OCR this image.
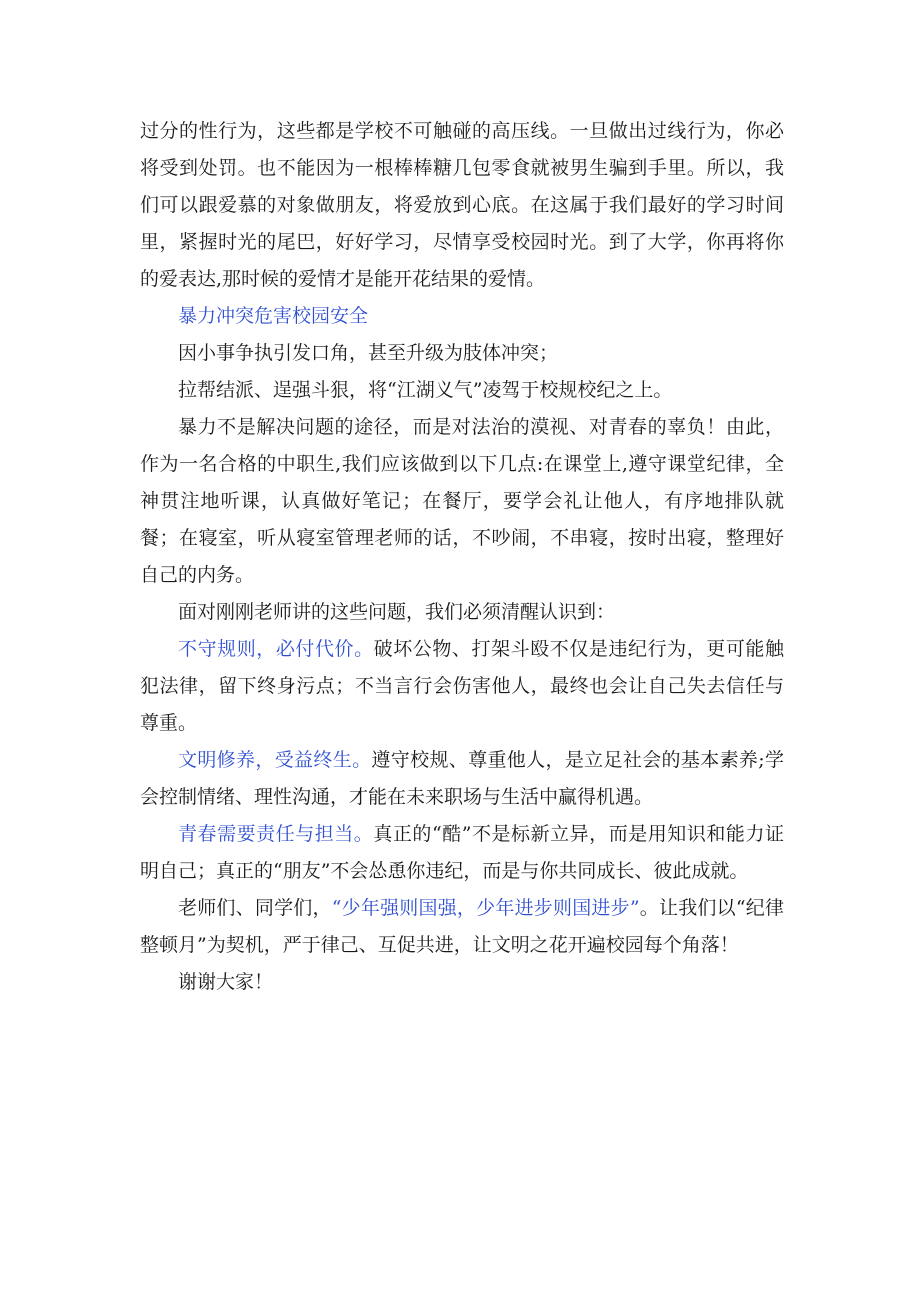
过分的性行为，这些都是学校不可触碰的高压线。一旦做出过线行为，你必将受到处罚。也不能因为一根棒棒糖几包零食就被男生骗到手里。所以，我们可以跟爱慕的对象做朋友，将爱放到心底。在这属于我们最好的学习时间里，紧握时光的尾巴，好好学习，尽情享受校园时光。到了大学，你再将你的爱表达,那时候的爱情才是能开花结果的爱情。

暴力冲突危害校园安全

因小事争执引发口角，甚至升级为肢体冲突；

拉帮结派、逞强斗狠，将“江湖义气”凌驾于校规校纪之上。

暴力不是解决问题的途径，而是对法治的漠视、对青春的辜负！由此，作为一名合格的中职生,我们应该做到以下几点:在课堂上,遵守课堂纪律，全神贯注地听课，认真做好笔记；在餐厅，要学会礼让他人，有序地排队就餐；在寝室，听从寝室管理老师的话，不吵闹，不串寝，按时出寝，整理好自己的内务。

面对刚刚老师讲的这些问题，我们必须清醒认识到：

不守规则，必付代价。破坏公物、打架斗殴不仅是违纪行为，更可能触犯法律，留下终身污点；不当言行会伤害他人，最终也会让自己失去信任与尊重。

文明修养，受益终生。遵守校规、尊重他人，是立足社会的基本素养;学会控制情绪、理性沟通，才能在未来职场与生活中赢得机遇。

青春需要责任与担当。真正的“酷”不是标新立异，而是用知识和能力证明自己；真正的“朋友”不会怂恿你违纪，而是与你共同成长、彼此成就。

老师们、同学们，“少年强则国强，少年进步则国进步”。让我们以“纪律整顿月”为契机，严于律己、互促共进，让文明之花开遍校园每个角落！

谢谢大家！
